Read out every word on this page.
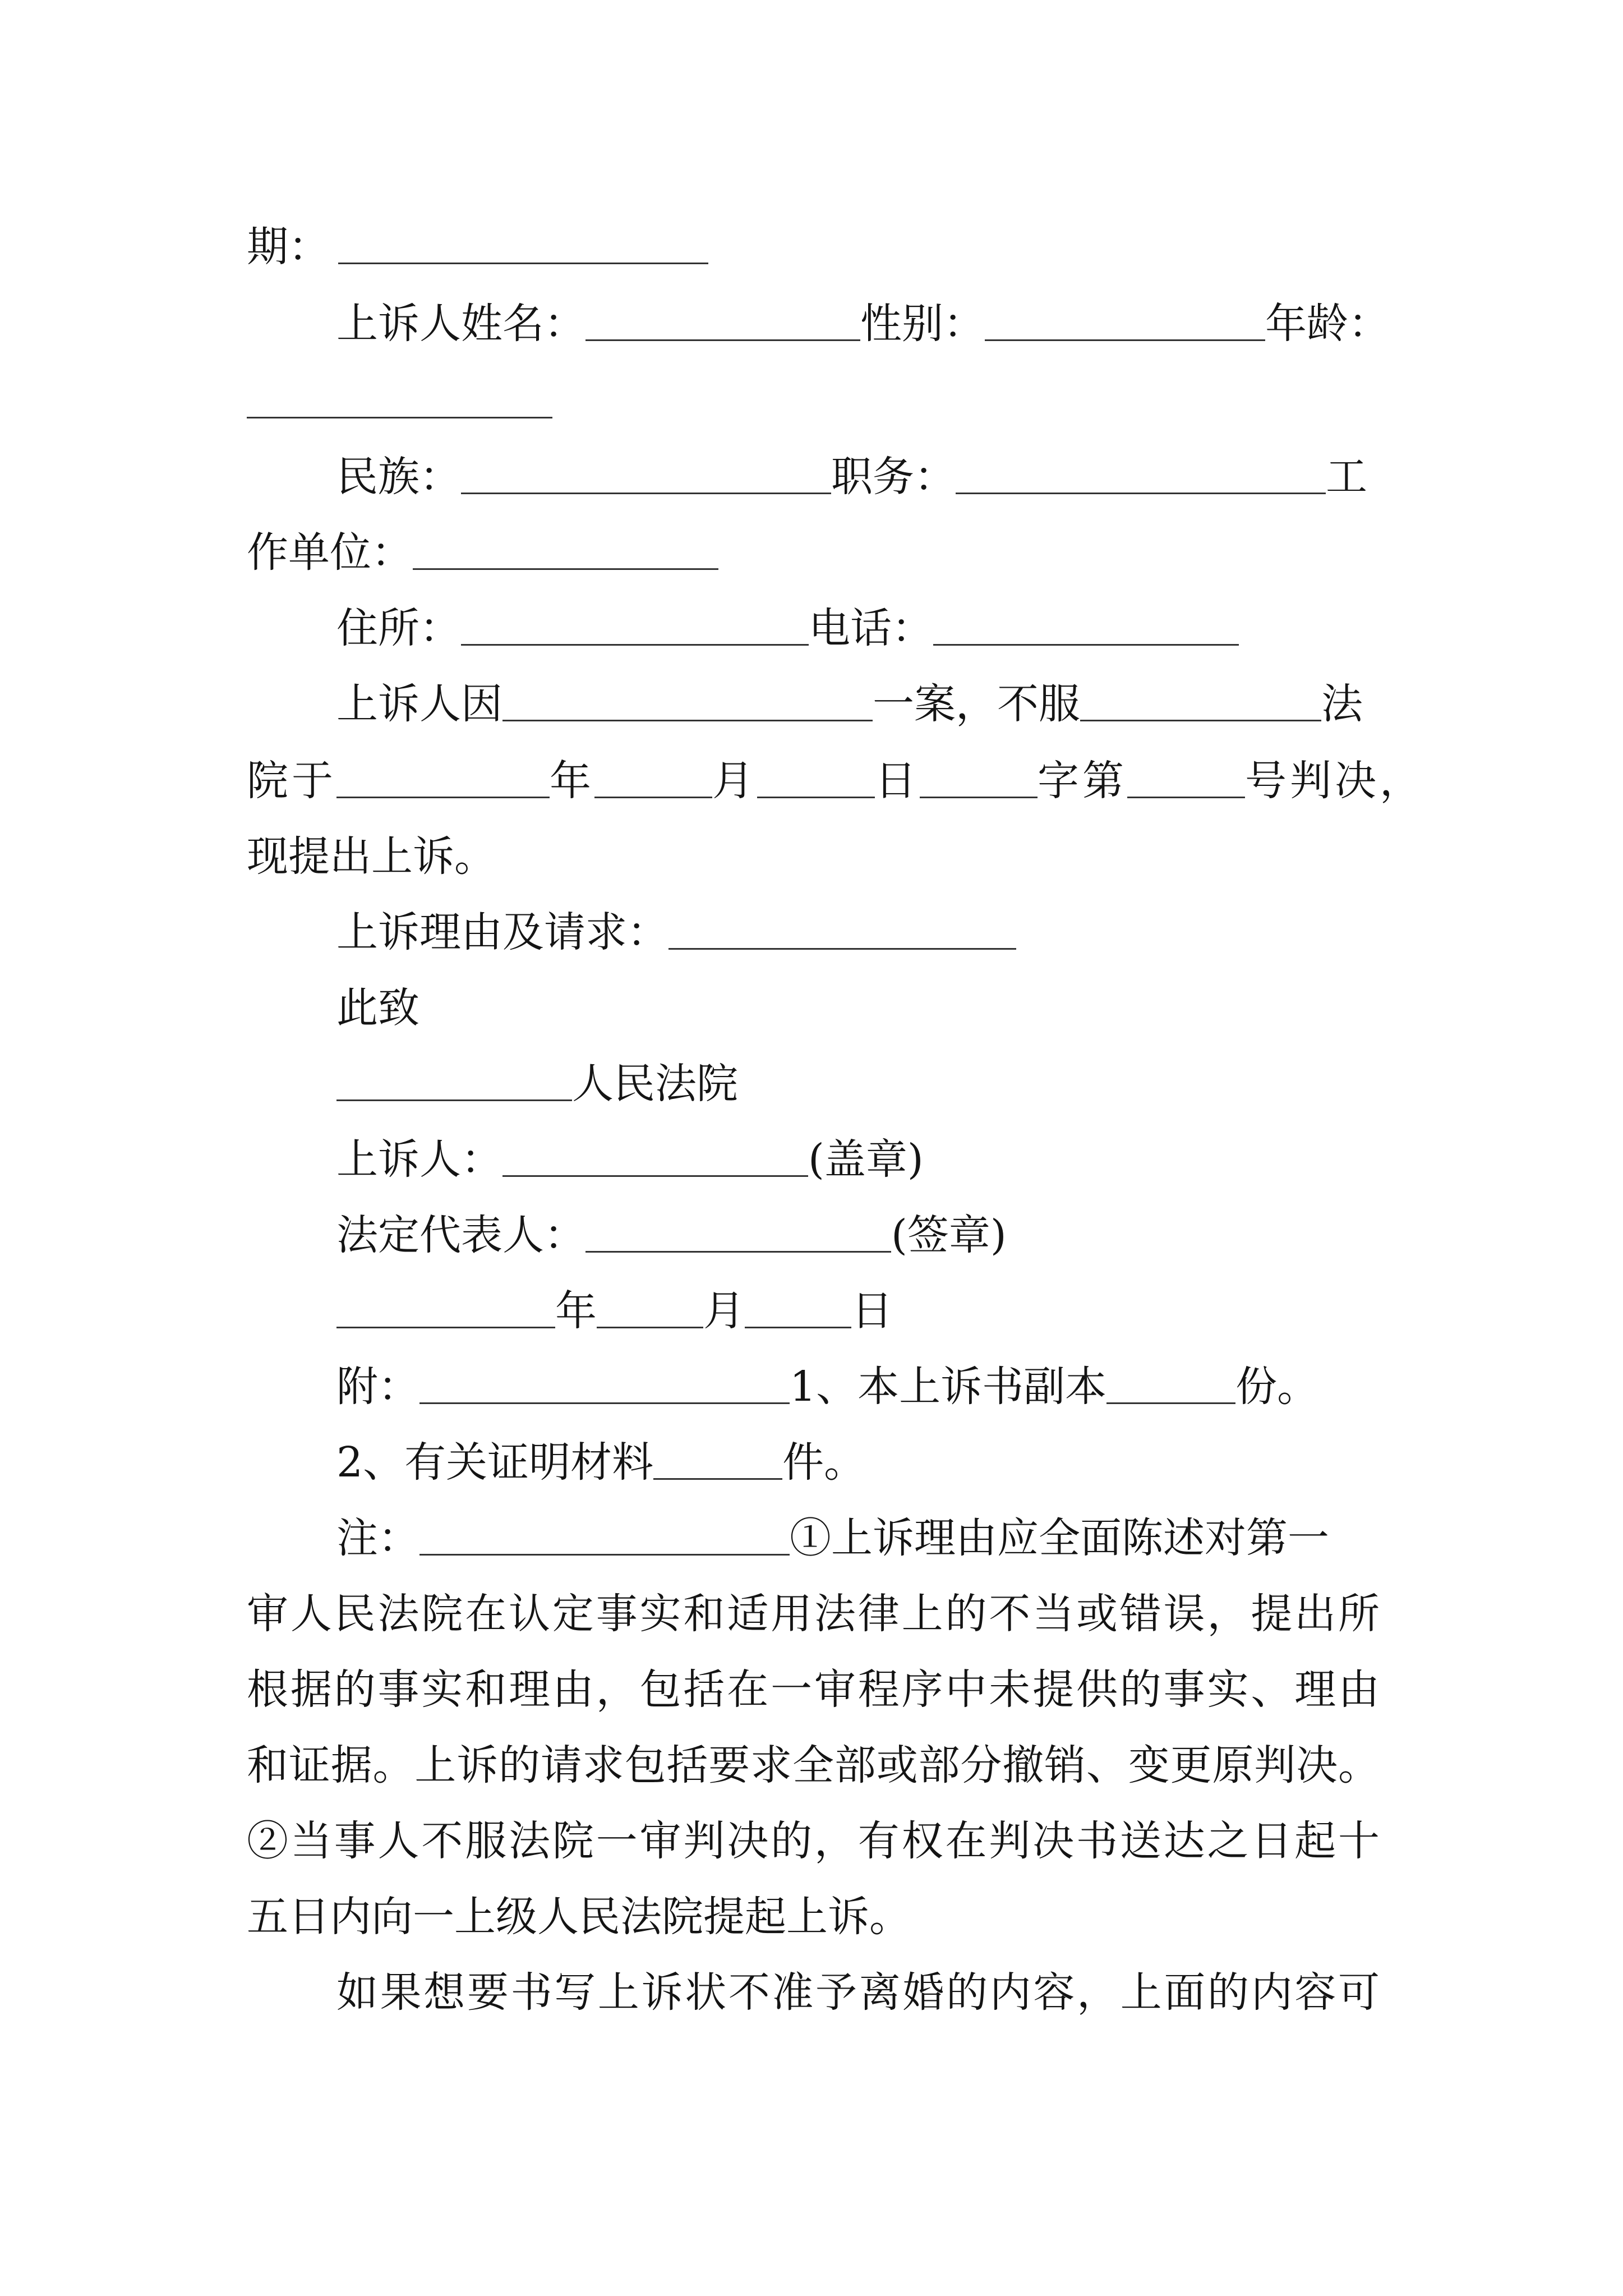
期：
上诉人姓名：	性别：	年龄：
民族：	职务：	工
作单位：
住所：	电话：
上诉人因	一案，不服	法
院于	年	月	日	字第	号判决，
现提出上诉。
上诉理由及请求：
此致
人民法院
上诉人：	(盖章)
法定代表人：	(签章)
年	月	日
附：	1、本上诉书副本	份。
2、有关证明材料	件。
注：	①上诉理由应全面陈述对第一
审人民法院在认定事实和适用法律上的不当或错误，提出所
根据的事实和理由，包括在一审程序中未提供的事实、理由
和证据。上诉的请求包括要求全部或部分撤销、变更原判决。
②当事人不服法院一审判决的，有权在判决书送达之日起十
五日内向一上级人民法院提起上诉。
如果想要书写上诉状不准予离婚的内容，上面的内容可
